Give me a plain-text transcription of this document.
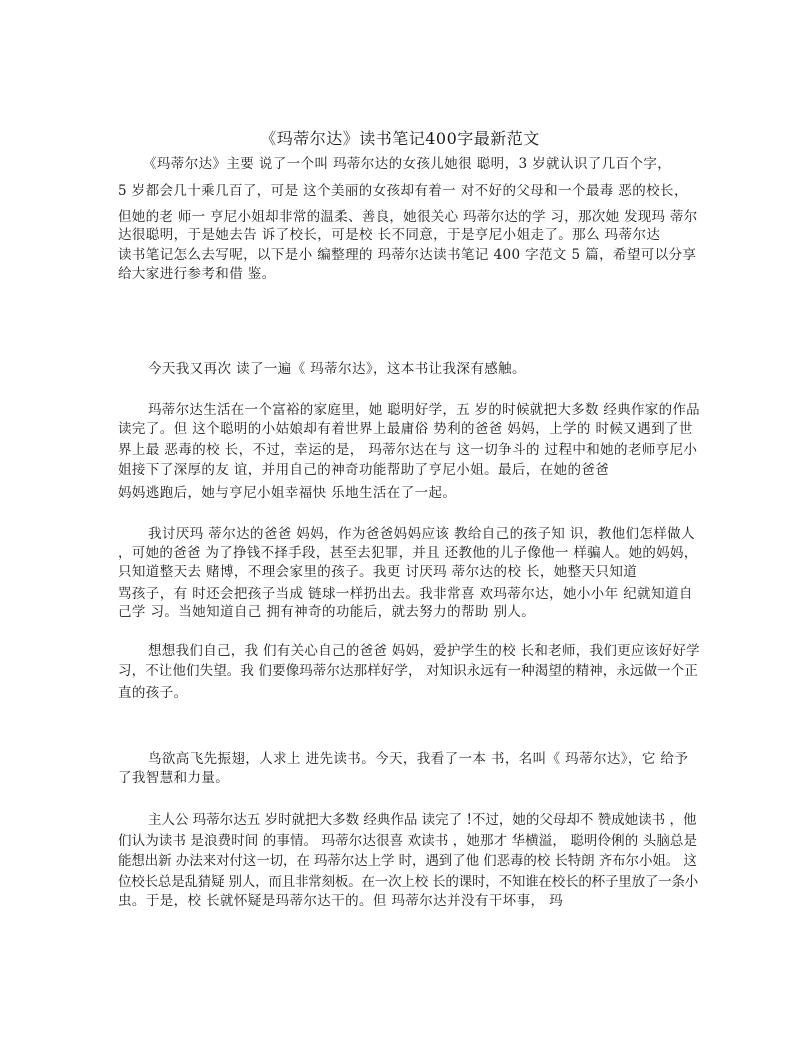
《玛蒂尔达》读书笔记400字最新范文
《玛蒂尔达》主要 说了一个叫 玛蒂尔达的女孩儿她很 聪明，3 岁就认识了几百个字，
5 岁都会几十乘几百了，可是 这个美丽的女孩却有着一 对不好的父母和一个最毒 恶的校长，
但她的老 师一 亨尼小姐却非常的温柔、善良，她很关心 玛蒂尔达的学 习，那次她 发现玛 蒂尔
达很聪明，于是她去告 诉了校长，可是校 长不同意，于是亨尼小姐走了。那么 玛蒂尔达
读书笔记怎么去写呢，以下是小 编整理的 玛蒂尔达读书笔记 400 字范文 5 篇，希望可以分享
给大家进行参考和借 鉴。
今天我又再次 读了一遍《 玛蒂尔达》，这本书让我深有感触。
玛蒂尔达生活在一个富裕的家庭里，她 聪明好学，五 岁的时候就把大多数 经典作家的作品
读完了。但 这个聪明的小姑娘却有着世界上最庸俗 势利的爸爸 妈妈，上学的 时候又遇到了世
界上最 恶毒的校 长，不过，幸运的是， 玛蒂尔达在与 这一切争斗的 过程中和她的老师亨尼小
姐接下了深厚的友 谊，并用自己的神奇功能帮助了亨尼小姐。最后，在她的爸爸
妈妈逃跑后，她与亨尼小姐幸福快 乐地生活在了一起。
我讨厌玛 蒂尔达的爸爸 妈妈，作为爸爸妈妈应该 教给自己的孩子知 识，教他们怎样做人
，可她的爸爸 为了挣钱不择手段，甚至去犯罪，并且 还教他的儿子像他一 样骗人。她的妈妈，
只知道整天去 赌博，不理会家里的孩子。我更 讨厌玛 蒂尔达的校 长，她整天只知道
骂孩子，有 时还会把孩子当成 链球一样扔出去。我非常喜 欢玛蒂尔达，她小小年 纪就知道自
己学 习。当她知道自己 拥有神奇的功能后，就去努力的帮助 别人。
想想我们自己，我 们有关心自己的爸爸 妈妈，爱护学生的校 长和老师，我们更应该好好学
习，不让他们失望。我 们要像玛蒂尔达那样好学， 对知识永远有一种渴望的精神，永远做一个正
直的孩子。
鸟欲高飞先振翅，人求上 进先读书。今天，我看了一本 书，名叫《 玛蒂尔达》，它 给予
了我智慧和力量。
主人公 玛蒂尔达五 岁时就把大多数 经典作品 读完了 !不过，她的父母却不 赞成她读书 ，他
们认为读书 是浪费时间 的事情。 玛蒂尔达很喜 欢读书 ，她那才 华横溢， 聪明伶俐的 头脑总是
能想出新 办法来对付这一切，在 玛蒂尔达上学 时，遇到了他 们恶毒的校 长特朗 齐布尔小姐。 这
位校长总是乱猜疑 别人，而且非常刻板。在一次上校 长的课时，不知谁在校长的杯子里放了一条小
虫。于是，校 长就怀疑是玛蒂尔达干的。但 玛蒂尔达并没有干坏事， 玛
